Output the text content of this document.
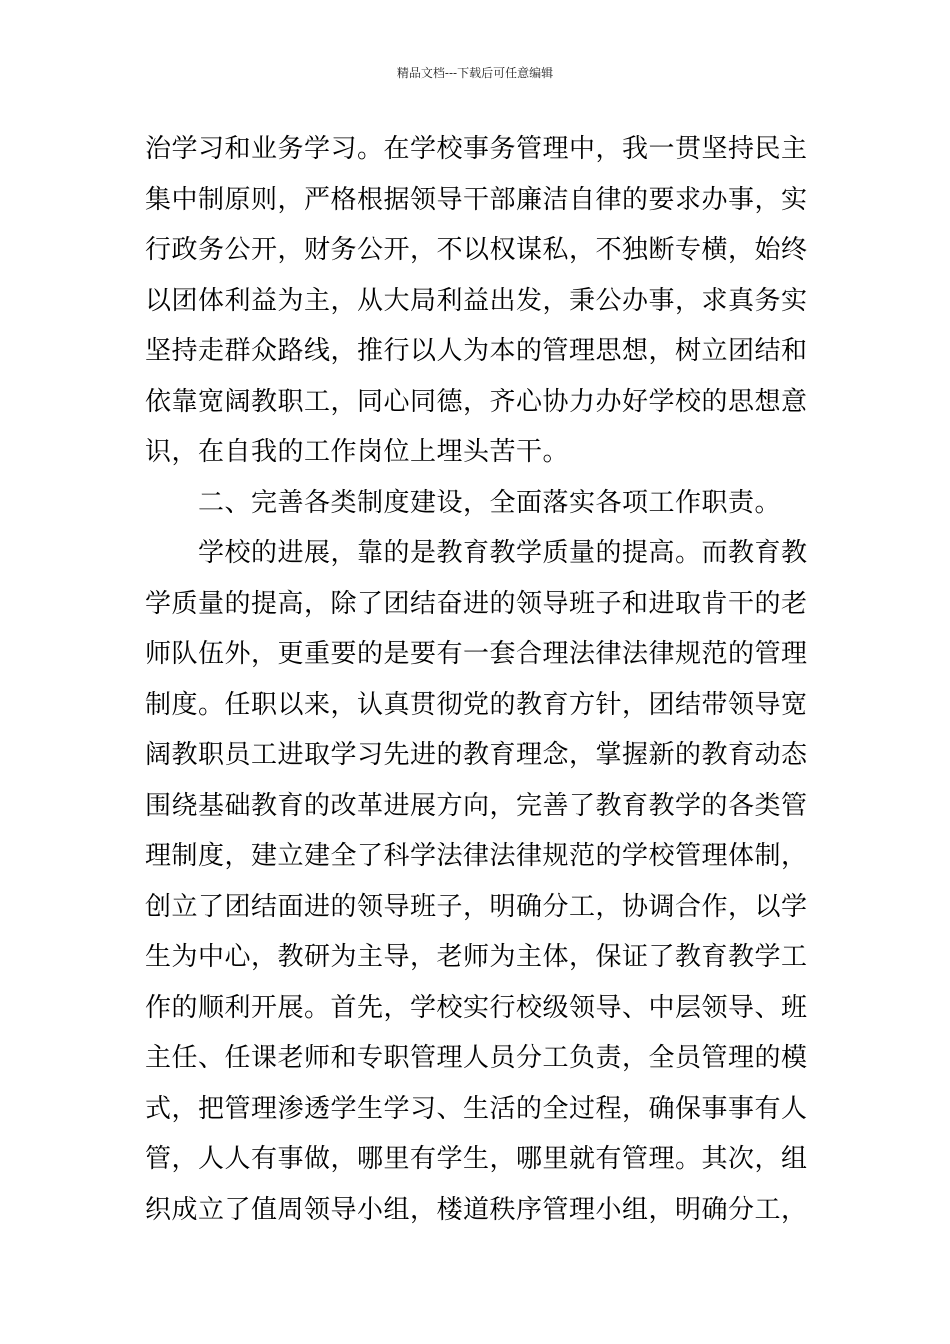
精品文档---下载后可任意编辑
治学习和业务学习。在学校事务管理中，我一贯坚持民主
集中制原则，严格根据领导干部廉洁自律的要求办事，实
行政务公开，财务公开，不以权谋私，不独断专横，始终
以团体利益为主，从大局利益出发，秉公办事，求真务实
坚持走群众路线，推行以人为本的管理思想，树立团结和
依靠宽阔教职工，同心同德，齐心协力办好学校的思想意
识，在自我的工作岗位上埋头苦干。
　　二、完善各类制度建设，全面落实各项工作职责。
　　学校的进展，靠的是教育教学质量的提高。而教育教
学质量的提高，除了团结奋进的领导班子和进取肯干的老
师队伍外，更重要的是要有一套合理法律法律规范的管理
制度。任职以来，认真贯彻党的教育方针，团结带领导宽
阔教职员工进取学习先进的教育理念，掌握新的教育动态
围绕基础教育的改革进展方向，完善了教育教学的各类管
理制度，建立建全了科学法律法律规范的学校管理体制，
创立了团结面进的领导班子，明确分工，协调合作，以学
生为中心，教研为主导，老师为主体，保证了教育教学工
作的顺利开展。首先，学校实行校级领导、中层领导、班
主任、任课老师和专职管理人员分工负责，全员管理的模
式，把管理渗透学生学习、生活的全过程，确保事事有人
管，人人有事做，哪里有学生，哪里就有管理。其次，组
织成立了值周领导小组，楼道秩序管理小组，明确分工，
